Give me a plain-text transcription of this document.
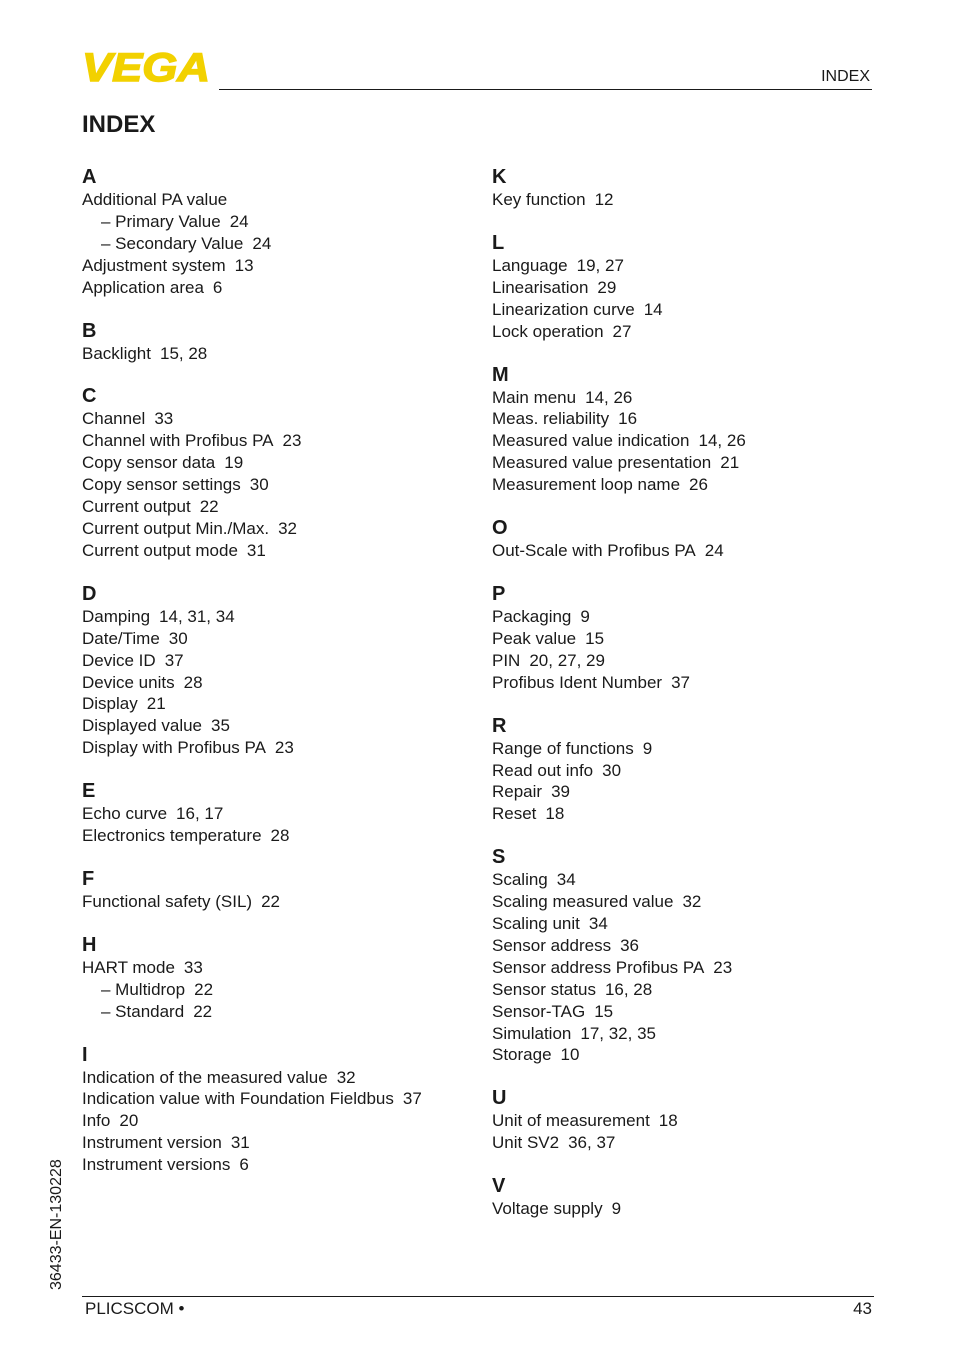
VEGA	INDEX
INDEX
A
Additional PA value
– Primary Value 24
– Secondary Value 24
Adjustment system 13
Application area 6
B
Backlight 15, 28
C
Channel 33
Channel with Profibus PA 23
Copy sensor data 19
Copy sensor settings 30
Current output 22
Current output Min./Max. 32
Current output mode 31
D
Damping 14, 31, 34
Date/Time 30
Device ID 37
Device units 28
Display 21
Displayed value 35
Display with Profibus PA 23
E
Echo curve 16, 17
Electronics temperature 28
F
Functional safety (SIL) 22
H
HART mode 33
– Multidrop 22
– Standard 22
I
Indication of the measured value 32
Indication value with Foundation Fieldbus 37
Info 20
Instrument version 31
Instrument versions 6
K
Key function 12
L
Language 19, 27
Linearisation 29
Linearization curve 14
Lock operation 27
M
Main menu 14, 26
Meas. reliability 16
Measured value indication 14, 26
Measured value presentation 21
Measurement loop name 26
O
Out-Scale with Profibus PA 24
P
Packaging 9
Peak value 15
PIN 20, 27, 29
Profibus Ident Number 37
R
Range of functions 9
Read out info 30
Repair 39
Reset 18
S
Scaling 34
Scaling measured value 32
Scaling unit 34
Sensor address 36
Sensor address Profibus PA 23
Sensor status 16, 28
Sensor-TAG 15
Simulation 17, 32, 35
Storage 10
U
Unit of measurement 18
Unit SV2 36, 37
V
Voltage supply 9
36433-EN-130228
PLICSCOM •	43
